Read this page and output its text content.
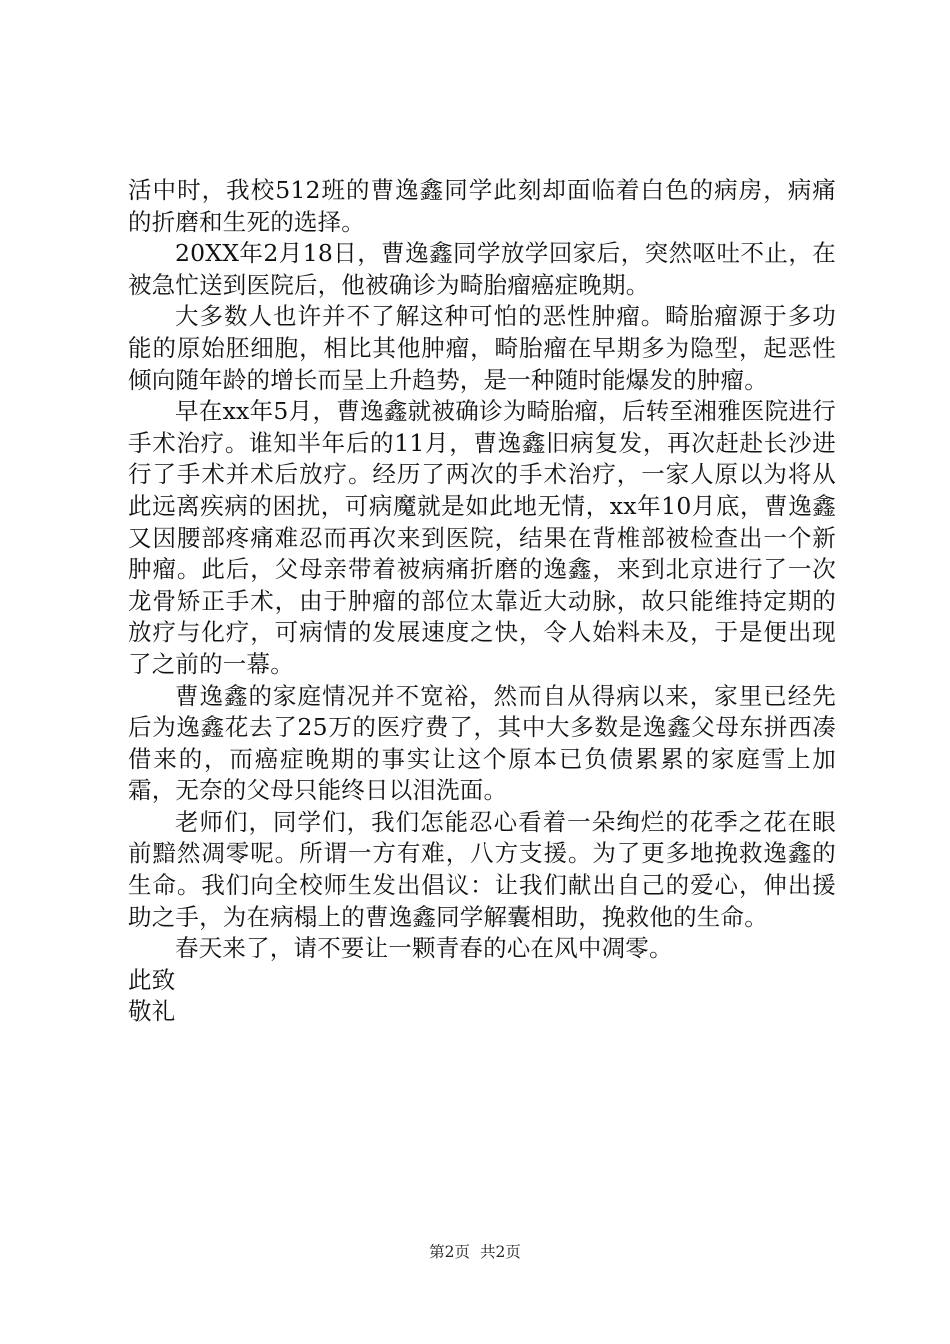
活中时，我校512班的曹逸鑫同学此刻却面临着白色的病房，病痛的折磨和生死的选择。

20XX年2月18日，曹逸鑫同学放学回家后，突然呕吐不止，在被急忙送到医院后，他被确诊为畸胎瘤癌症晚期。

大多数人也许并不了解这种可怕的恶性肿瘤。畸胎瘤源于多功能的原始胚细胞，相比其他肿瘤，畸胎瘤在早期多为隐型，起恶性倾向随年龄的增长而呈上升趋势，是一种随时能爆发的肿瘤。

早在xx年5月，曹逸鑫就被确诊为畸胎瘤，后转至湘雅医院进行手术治疗。谁知半年后的11月，曹逸鑫旧病复发，再次赶赴长沙进行了手术并术后放疗。经历了两次的手术治疗，一家人原以为将从此远离疾病的困扰，可病魔就是如此地无情，xx年10月底，曹逸鑫又因腰部疼痛难忍而再次来到医院，结果在背椎部被检查出一个新肿瘤。此后，父母亲带着被病痛折磨的逸鑫，来到北京进行了一次龙骨矫正手术，由于肿瘤的部位太靠近大动脉，故只能维持定期的放疗与化疗，可病情的发展速度之快，令人始料未及，于是便出现了之前的一幕。

曹逸鑫的家庭情况并不宽裕，然而自从得病以来，家里已经先后为逸鑫花去了25万的医疗费了，其中大多数是逸鑫父母东拼西凑借来的，而癌症晚期的事实让这个原本已负债累累的家庭雪上加霜，无奈的父母只能终日以泪洗面。

老师们，同学们，我们怎能忍心看着一朵绚烂的花季之花在眼前黯然凋零呢。所谓一方有难，八方支援。为了更多地挽救逸鑫的生命。我们向全校师生发出倡议：让我们献出自己的爱心，伸出援助之手，为在病榻上的曹逸鑫同学解囊相助，挽救他的生命。

春天来了，请不要让一颗青春的心在风中凋零。

此致

敬礼

第2页 共2页
